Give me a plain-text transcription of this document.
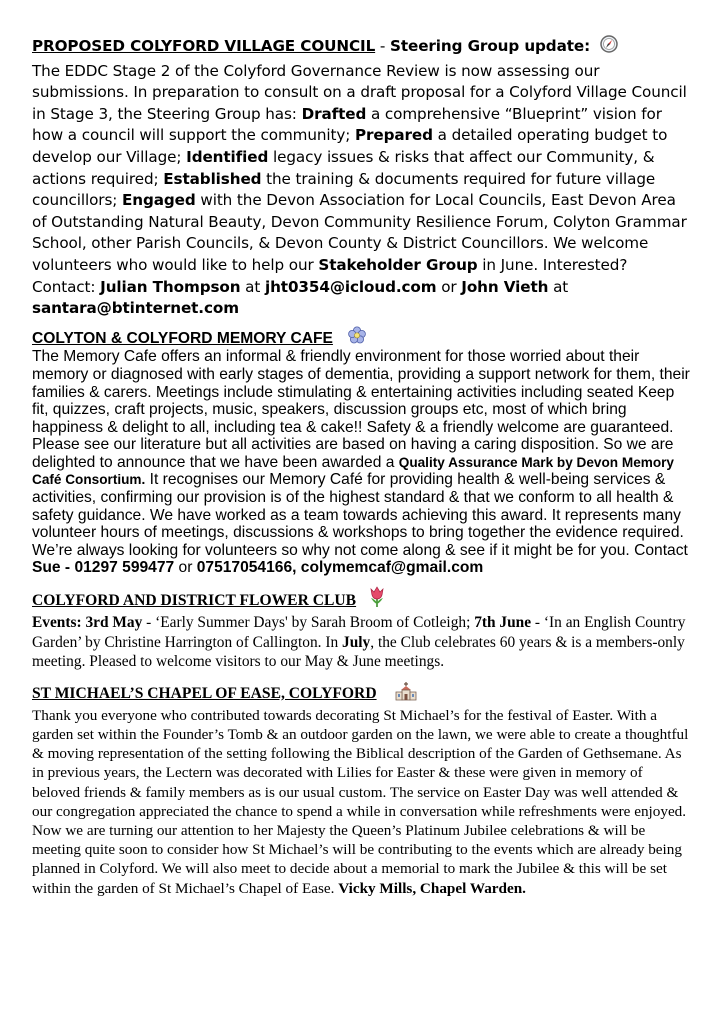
PROPOSED COLYFORD VILLAGE COUNCIL - Steering Group update:
The EDDC Stage 2 of the Colyford Governance Review is now assessing our submissions. In preparation to consult on a draft proposal for a Colyford Village Council in Stage 3, the Steering Group has: Drafted a comprehensive “Blueprint” vision for how a council will support the community; Prepared a detailed operating budget to develop our Village; Identified legacy issues & risks that affect our Community, & actions required; Established the training & documents required for future village councillors; Engaged with the Devon Association for Local Councils, East Devon Area of Outstanding Natural Beauty, Devon Community Resilience Forum, Colyton Grammar School, other Parish Councils, & Devon County & District Councillors. We welcome volunteers who would like to help our Stakeholder Group in June. Interested? Contact: Julian Thompson at jht0354@icloud.com or John Vieth at santara@btinternet.com
COLYTON & COLYFORD MEMORY CAFE
The Memory Cafe offers an informal & friendly environment for those worried about their memory or diagnosed with early stages of dementia, providing a support network for them, their families & carers. Meetings include stimulating & entertaining activities including seated Keep fit, quizzes, craft projects, music, speakers, discussion groups etc, most of which bring happiness & delight to all, including tea & cake!! Safety & a friendly welcome are guaranteed. Please see our literature but all activities are based on having a caring disposition. So we are delighted to announce that we have been awarded a Quality Assurance Mark by Devon Memory Café Consortium. It recognises our Memory Café for providing health & well-being services & activities, confirming our provision is of the highest standard & that we conform to all health & safety guidance. We have worked as a team towards achieving this award. It represents many volunteer hours of meetings, discussions & workshops to bring together the evidence required. We’re always looking for volunteers so why not come along & see if it might be for you. Contact Sue - 01297 599477 or 07517054166, colymemcaf@gmail.com
COLYFORD AND DISTRICT FLOWER CLUB
Events: 3rd May - ‘Early Summer Days' by Sarah Broom of Cotleigh; 7th June - ‘In an English Country Garden’ by Christine Harrington of Callington. In July, the Club celebrates 60 years & is a members-only meeting. Pleased to welcome visitors to our May & June meetings.
ST MICHAEL’S CHAPEL OF EASE, COLYFORD
Thank you everyone who contributed towards decorating St Michael’s for the festival of Easter. With a garden set within the Founder’s Tomb & an outdoor garden on the lawn, we were able to create a thoughtful & moving representation of the setting following the Biblical description of the Garden of Gethsemane. As in previous years, the Lectern was decorated with Lilies for Easter & these were given in memory of beloved friends & family members as is our usual custom. The service on Easter Day was well attended & our congregation appreciated the chance to spend a while in conversation while refreshments were enjoyed. Now we are turning our attention to her Majesty the Queen’s Platinum Jubilee celebrations & will be meeting quite soon to consider how St Michael’s will be contributing to the events which are already being planned in Colyford. We will also meet to decide about a memorial to mark the Jubilee & this will be set within the garden of St Michael’s Chapel of Ease. Vicky Mills, Chapel Warden.
